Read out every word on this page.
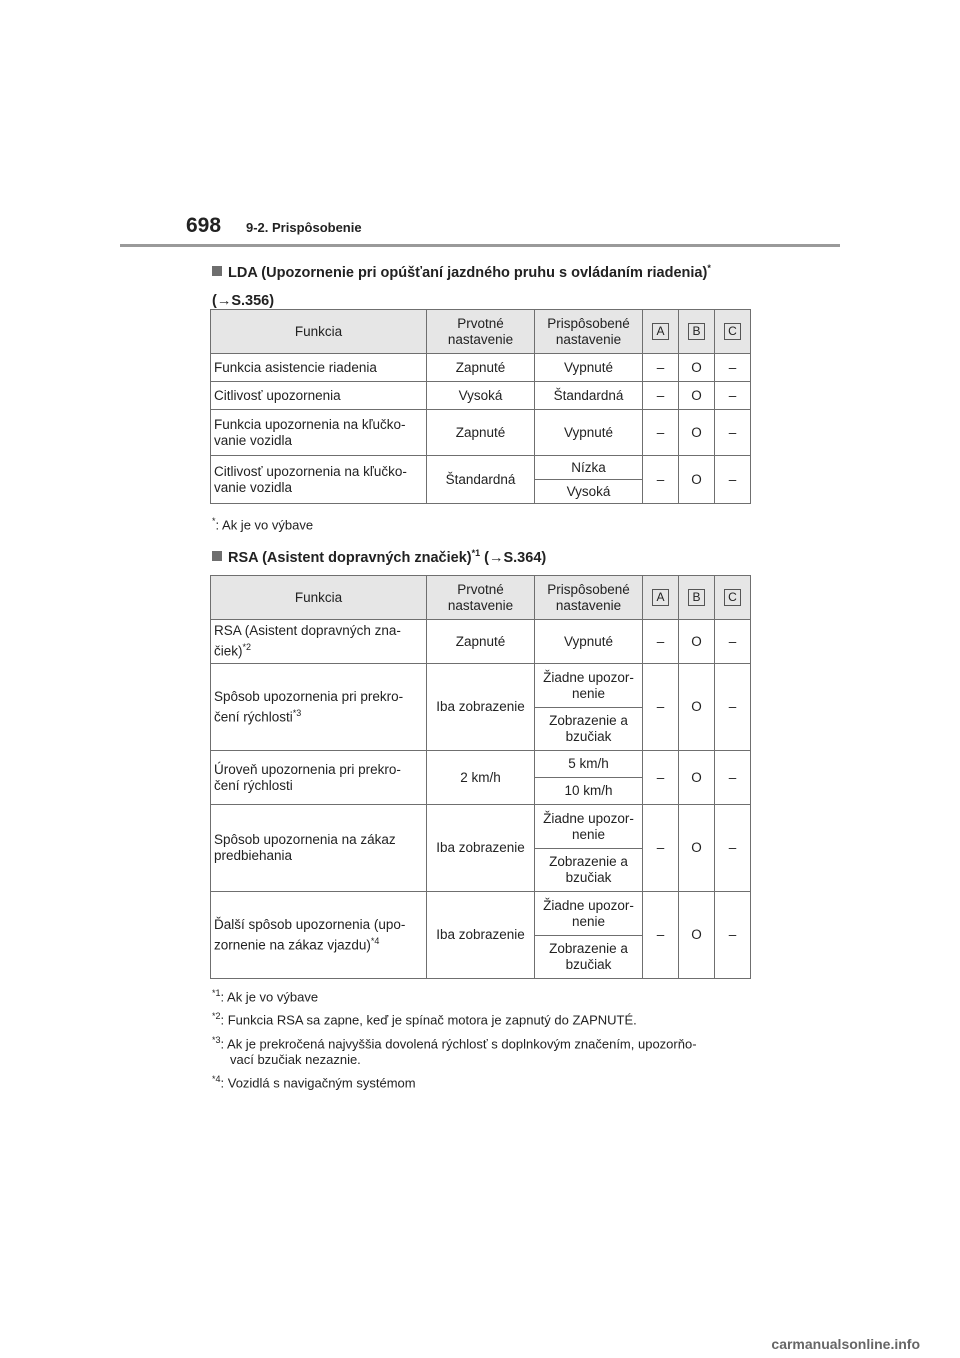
698 9-2. Prispôsobenie
LDA (Upozornenie pri opúšťaní jazdného pruhu s ovládaním riadenia)*
(→S.356)
Funkcia	Prvotné nastavenie	Prispôsobené nastavenie	A	B	C
Funkcia asistencie riadenia	Zapnuté	Vypnuté	–	O	–
Citlivosť upozornenia	Vysoká	Štandardná	–	O	–
Funkcia upozornenia na kľučko-vanie vozidla	Zapnuté	Vypnuté	–	O	–
Citlivosť upozornenia na kľučko-vanie vozidla	Štandardná	Nízka	–	O	–
		Vysoká			
*: Ak je vo výbave
RSA (Asistent dopravných značiek)$^{*1}$ (→S.364)
Funkcia	Prvotné nastavenie	Prispôsobené nastavenie	A	B	C
RSA (Asistent dopravných zna-čiek)$^{*2}$	Zapnuté	Vypnuté	–	O	–
Spôsob upozornenia pri prekro-čení rýchlosti$^{*3}$	Iba zobrazenie	Žiadne upozor-nenie	–	O	–
		Zobrazenie a bzučiak			
Úroveň upozornenia pri prekro-čení rýchlosti	2 km/h	5 km/h	–	O	–
		10 km/h			
Spôsob upozornenia na zákaz predbiehania	Iba zobrazenie	Žiadne upozor-nenie	–	O	–
		Zobrazenie a bzučiak			
Ďalší spôsob upozornenia (upo-zornenie na zákaz vjazdu)$^{*4}$	Iba zobrazenie	Žiadne upozor-nenie	–	O	–
		Zobrazenie a bzučiak			
$^{*1}$: Ak je vo výbave
$^{*2}$: Funkcia RSA sa zapne, keď je spínač motora je zapnutý do ZAPNUTÉ.
$^{*3}$: Ak je prekročená najvyššia dovolená rýchlosť s doplnkovým značením, upozorňo-
vací bzučiak nezaznie.
$^{*4}$: Vozidlá s navigačným systémom
carmanualsonline.info
